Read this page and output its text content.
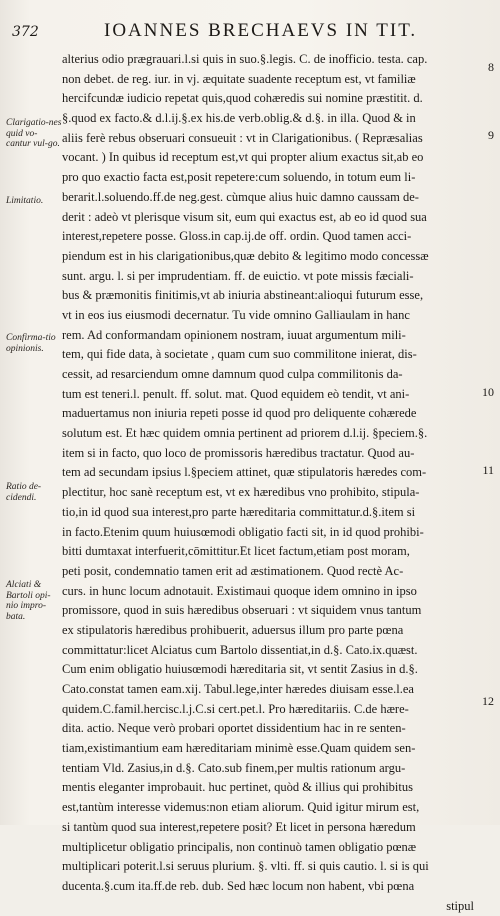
372	IOANNES BRECHAEVS IN TIT.
Clarigatio-nes quid vo-cantur vul-go.
Limitatio.
Confirma-tio opinionis.
Ratio de-cidendi.
Alciati & Bartoli opi-nio impro-bata.
8
9
10
11
12
alterius odio prægrauari.l.si quis in suo.§.legis. C. de inofficio. testa. cap.
non debet. de reg. iur. in vj. æquitate suadente receptum est, vt familiæ
hercifcundæ iudicio repetat quis,quod cohæredis sui nomine præstitit. d.
§.quod ex facto.& d.l.ij.§.ex his.de verb.oblig.& d.§. in illa. Quod & in
aliis ferè rebus obseruari consueuit : vt in Clarigationibus. ( Repræsalias
vocant. ) In quibus id receptum est,vt qui propter alium exactus sit,ab eo
pro quo exactio facta est,posit repetere:cum soluendo, in totum eum li-
berarit.l.soluendo.ff.de neg.gest. cùmque alius huic damno caussam de-
derit : adeò vt plerisque visum sit, eum qui exactus est, ab eo id quod sua
interest,repetere posse. Gloss.in cap.ij.de off. ordin. Quod tamen acci-
piendum est in his clarigationibus,quæ debito & legitimo modo concessæ
sunt. argu. l. si per imprudentiam. ff. de euictio. vt pote missis fæciali-
bus & præmonitis finitimis,vt ab iniuria abstineant:alioqui futurum esse,
vt in eos ius eiusmodi decernatur. Tu vide omnino Galliaulam in hanc
rem. Ad conformandam opinionem nostram, iuuat argumentum mili-
tem, qui fide data, à societate , quam cum suo commilitone inierat, dis-
cessit, ad resarciendum omne damnum quod culpa commilitonis da-
tum est teneri.l. penult. ff. solut. mat. Quod equidem eò tendit, vt ani-
maduertamus non iniuria repeti posse id quod pro deliquente cohærede
solutum est. Et hæc quidem omnia pertinent ad priorem d.l.ij. §peciem.§.
item si in facto, quo loco de promissoris hæredibus tractatur. Quod au-
tem ad secundam ipsius l.§peciem attinet, quæ stipulatoris hæredes com-
plectitur, hoc sanè receptum est, vt ex hæredibus vno prohibito, stipula-
tio,in id quod sua interest,pro parte hæreditaria committatur.d.§.item si
in facto.Etenim quum huiusœmodi obligatio facti sit, in id quod prohibi-
bitti dumtaxat interfuerit,cōmittitur.Et licet factum,etiam post moram,
peti posit, condemnatio tamen erit ad æstimationem. Quod rectè Ac-
curs. in hunc locum adnotauit. Existimaui quoque idem omnino in ipso
promissore, quod in suis hæredibus obseruari : vt siquidem vnus tantum
ex stipulatoris hæredibus prohibuerit, aduersus illum pro parte pœna
committatur:licet Alciatus cum Bartolo dissentiat,in d.§. Cato.ix.quæst.
Cum enim obligatio huiusœmodi hæreditaria sit, vt sentit Zasius in d.§.
Cato.constat tamen eam.xij. Tabul.lege,inter hæredes diuisam esse.l.ea
quidem.C.famil.hercisc.l.j.C.si cert.pet.l. Pro hæreditariis. C.de hære-
dita. actio. Neque verò probari oportet dissidentium hac in re senten-
tiam,existimantium eam hæreditariam minimè esse.Quam quidem sen-
tentiam Vld. Zasius,in d.§. Cato.sub finem,per multis rationum argu-
mentis eleganter improbauit. huc pertinet, quòd & illius qui prohibitus
est,tantùm interesse videmus:non etiam aliorum. Quid igitur mirum est,
si tantùm quod sua interest,repetere posit? Et licet in persona hæredum
multiplicetur obligatio principalis, non continuò tamen obligatio pœnæ
multiplicari poterit.l.si seruus plurium. §. vlti. ff. si quis cautio. l. si is qui
ducenta.§.cum ita.ff.de reb. dub. Sed hæc locum non habent, vbi pœna
stipul
